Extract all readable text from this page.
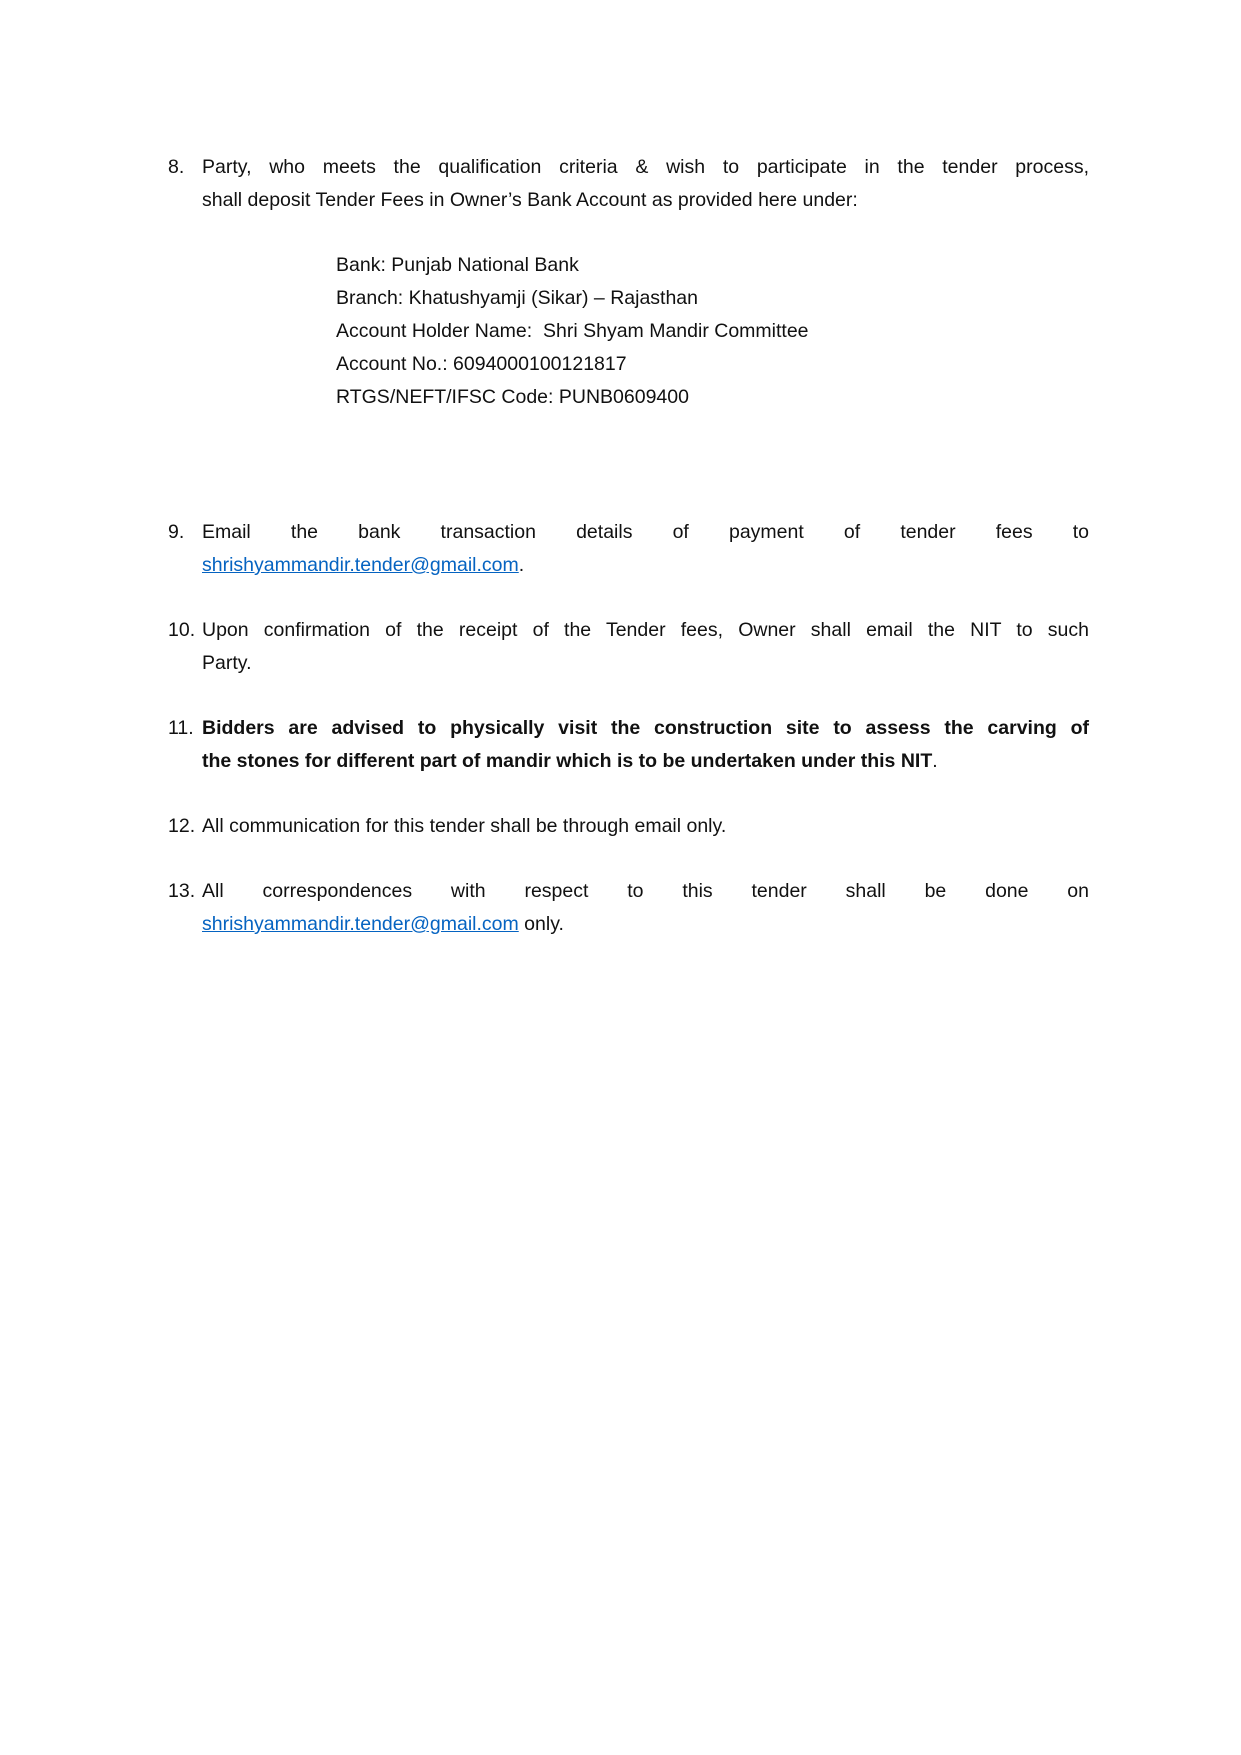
8. Party, who meets the qualification criteria & wish to participate in the tender process,
shall deposit Tender Fees in Owner’s Bank Account as provided here under:
Bank: Punjab National Bank
Branch: Khatushyamji (Sikar) – Rajasthan
Account Holder Name:  Shri Shyam Mandir Committee
Account No.: 6094000100121817
RTGS/NEFT/IFSC Code: PUNB0609400
9. Email the bank transaction details of payment of tender fees to
shrishyammandir.tender@gmail.com.
10. Upon confirmation of the receipt of the Tender fees, Owner shall email the NIT to such
Party.
11. Bidders are advised to physically visit the construction site to assess the carving of
the stones for different part of mandir which is to be undertaken under this NIT.
12. All communication for this tender shall be through email only.
13. All correspondences with respect to this tender shall be done on
shrishyammandir.tender@gmail.com only.
